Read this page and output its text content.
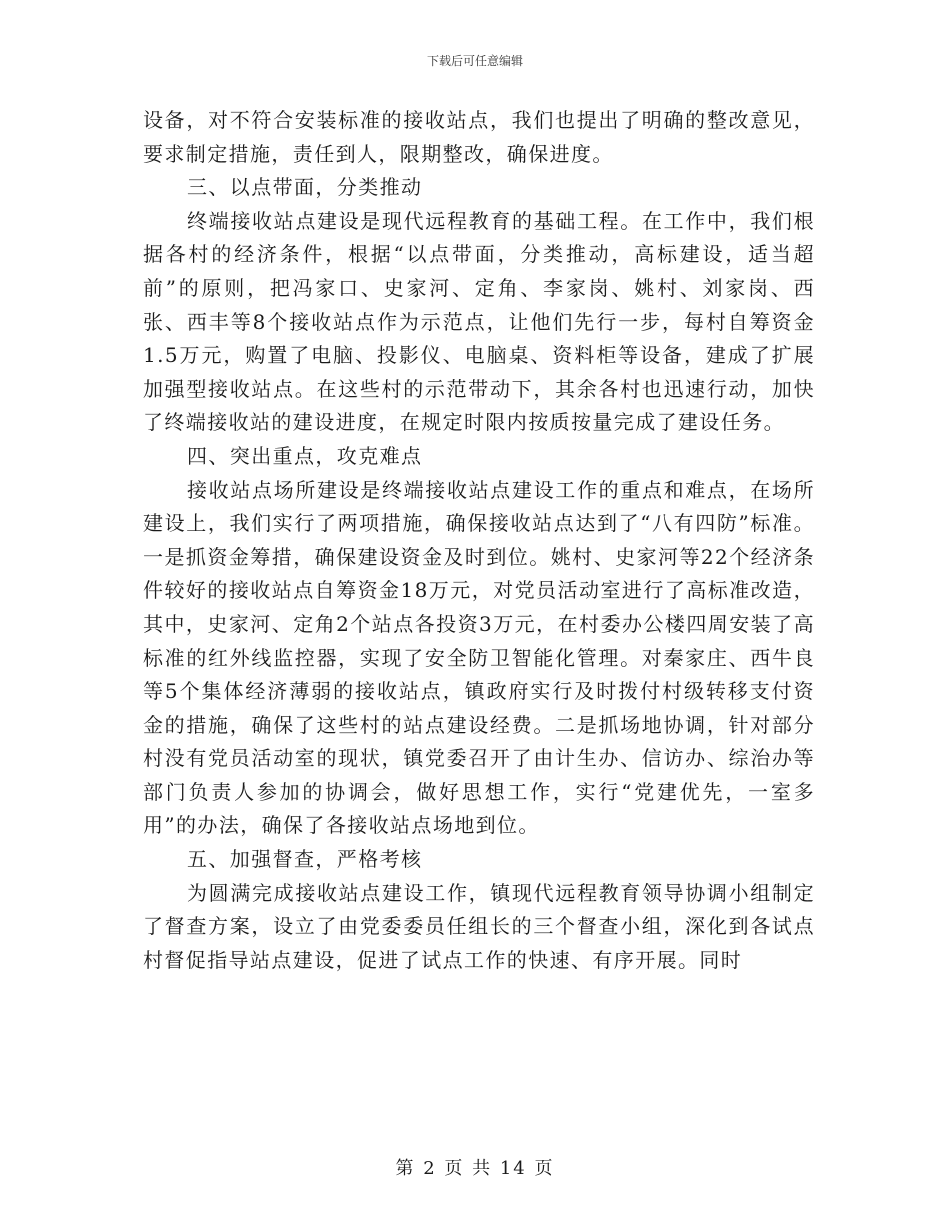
下载后可任意编辑

设备，对不符合安装标准的接收站点，我们也提出了明确的整改意见，要求制定措施，责任到人，限期整改，确保进度。

三、以点带面，分类推动

终端接收站点建设是现代远程教育的基础工程。在工作中，我们根据各村的经济条件，根据“以点带面，分类推动，高标建设，适当超前”的原则，把冯家口、史家河、定角、李家岗、姚村、刘家岗、西张、西丰等8个接收站点作为示范点，让他们先行一步，每村自筹资金1.5万元，购置了电脑、投影仪、电脑桌、资料柜等设备，建成了扩展加强型接收站点。在这些村的示范带动下，其余各村也迅速行动，加快了终端接收站的建设进度，在规定时限内按质按量完成了建设任务。

四、突出重点，攻克难点

接收站点场所建设是终端接收站点建设工作的重点和难点，在场所建设上，我们实行了两项措施，确保接收站点达到了“八有四防”标准。一是抓资金筹措，确保建设资金及时到位。姚村、史家河等22个经济条件较好的接收站点自筹资金18万元，对党员活动室进行了高标准改造，其中，史家河、定角2个站点各投资3万元，在村委办公楼四周安装了高标准的红外线监控器，实现了安全防卫智能化管理。对秦家庄、西牛良等5个集体经济薄弱的接收站点，镇政府实行及时拨付村级转移支付资金的措施，确保了这些村的站点建设经费。二是抓场地协调，针对部分村没有党员活动室的现状，镇党委召开了由计生办、信访办、综治办等部门负责人参加的协调会，做好思想工作，实行“党建优先，一室多用”的办法，确保了各接收站点场地到位。

五、加强督查，严格考核

为圆满完成接收站点建设工作，镇现代远程教育领导协调小组制定了督查方案，设立了由党委委员任组长的三个督查小组，深化到各试点村督促指导站点建设，促进了试点工作的快速、有序开展。同时

第 2 页 共 14 页
